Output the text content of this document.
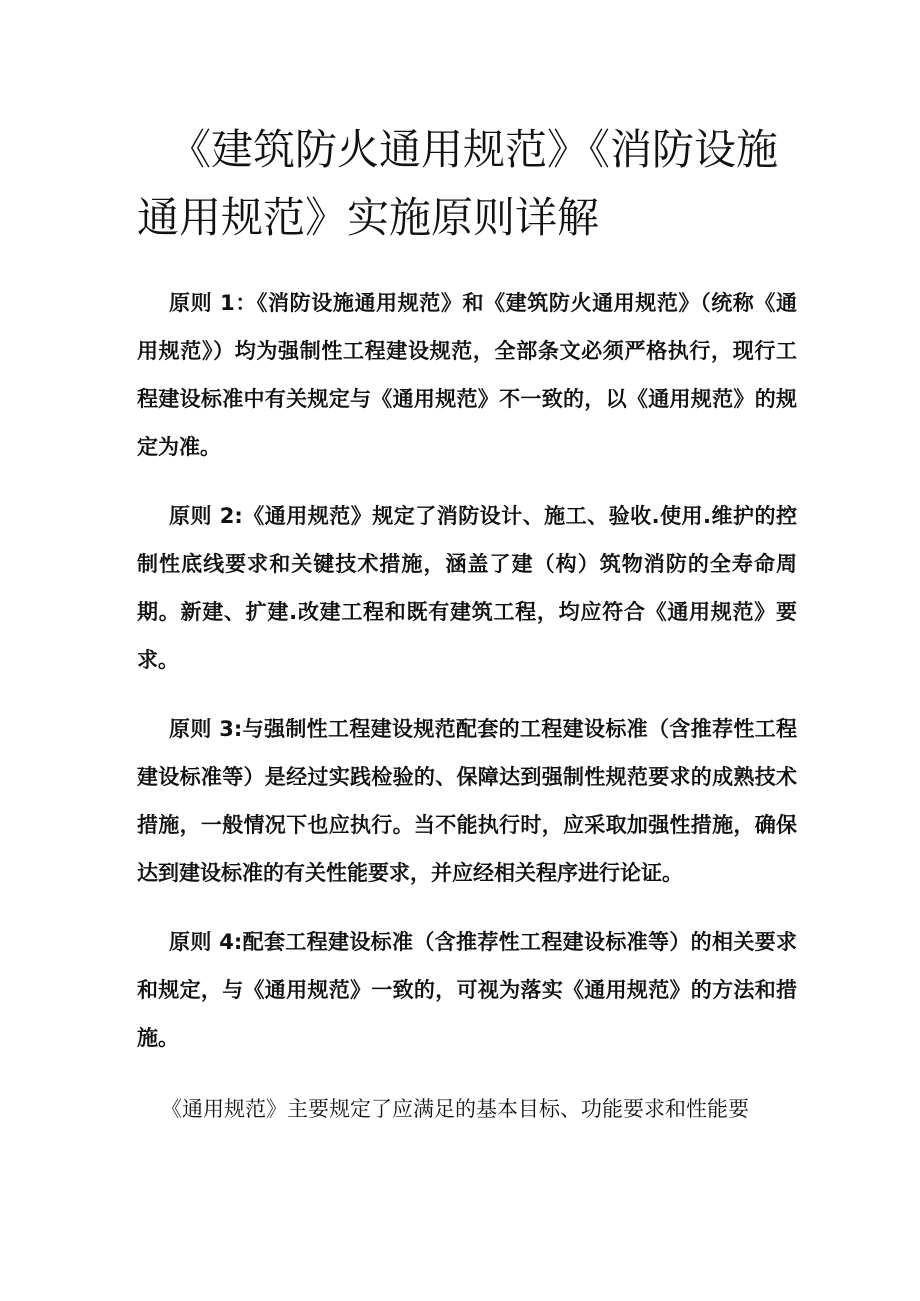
《建筑防火通用规范》《消防设施通用规范》实施原则详解

原则 1：《消防设施通用规范》和《建筑防火通用规范》（统称《通用规范》）均为强制性工程建设规范，全部条文必须严格执行，现行工程建设标准中有关规定与《通用规范》不一致的，以《通用规范》的规定为准。

原则 2:《通用规范》规定了消防设计、施工、验收.使用.维护的控制性底线要求和关键技术措施，涵盖了建（构）筑物消防的全寿命周期。新建、扩建.改建工程和既有建筑工程，均应符合《通用规范》要求。

原则 3:与强制性工程建设规范配套的工程建设标准（含推荐性工程建设标准等）是经过实践检验的、保障达到强制性规范要求的成熟技术措施，一般情况下也应执行。当不能执行时，应采取加强性措施，确保达到建设标准的有关性能要求，并应经相关程序进行论证。

原则 4:配套工程建设标准（含推荐性工程建设标准等）的相关要求和规定，与《通用规范》一致的，可视为落实《通用规范》的方法和措施。

《通用规范》主要规定了应满足的基本目标、功能要求和性能要
